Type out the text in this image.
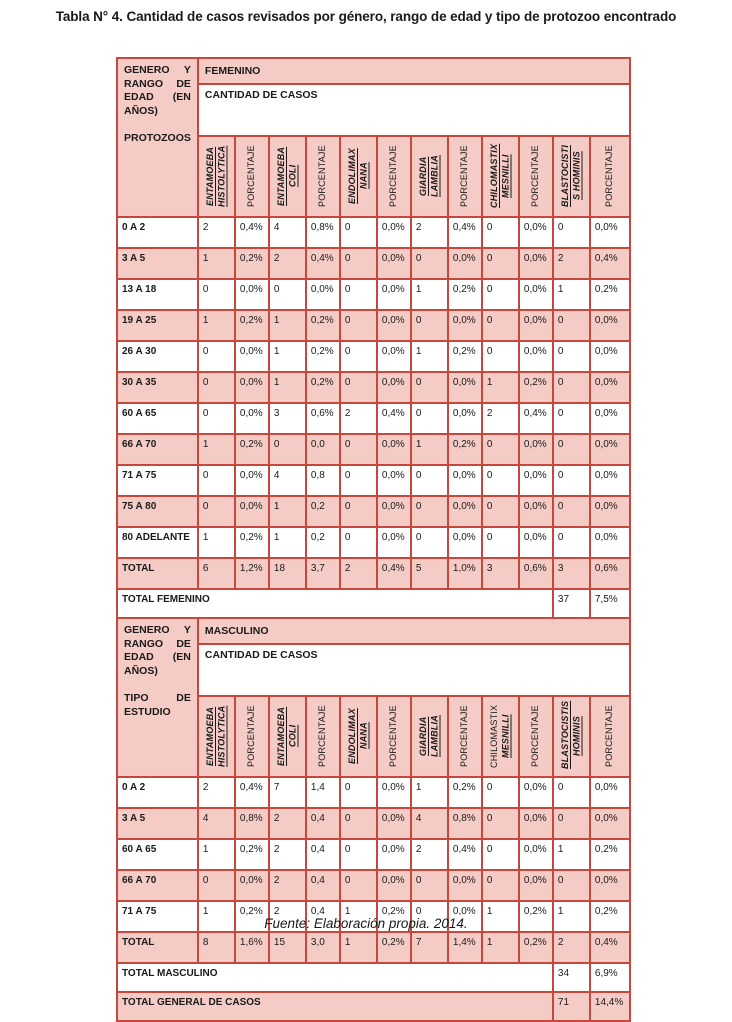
Tabla N° 4. Cantidad de casos revisados por género, rango de edad y tipo de protozoo encontrado
GENERO Y RANGO DE EDAD (EN AÑOS)
PROTOZOOS	FEMENINO											
	CANTIDAD DE CASOS											

	ENTAMOEBA HISTOLYTICA	PORCENTAJE	ENTAMOEBA COLI	PORCENTAJE	ENDOLIMAX NANA	PORCENTAJE	GIARDIA LAMBLIA	PORCENTAJE	CHILOMASTIX MESNILLI	PORCENTAJE	BLASTOCISTI S HOMINIS	PORCENTAJE

0 A 2	2	0,4%	4	0,8%	0	0,0%	2	0,4%	0	0,0%	0	0,0%
3 A 5	1	0,2%	2	0,4%	0	0,0%	0	0,0%	0	0,0%	2	0,4%
13 A 18	0	0,0%	0	0,0%	0	0,0%	1	0,2%	0	0,0%	1	0,2%
19 A 25	1	0,2%	1	0,2%	0	0,0%	0	0,0%	0	0,0%	0	0,0%
26 A 30	0	0,0%	1	0,2%	0	0,0%	1	0,2%	0	0,0%	0	0,0%
30 A 35	0	0,0%	1	0,2%	0	0,0%	0	0,0%	1	0,2%	0	0,0%
60 A 65	0	0,0%	3	0,6%	2	0,4%	0	0,0%	2	0,4%	0	0,0%
66 A 70	1	0,2%	0	0,0	0	0,0%	1	0,2%	0	0,0%	0	0,0%
71 A 75	0	0,0%	4	0,8	0	0,0%	0	0,0%	0	0,0%	0	0,0%
75 A 80	0	0,0%	1	0,2	0	0,0%	0	0,0%	0	0,0%	0	0,0%
80 ADELANTE	1	0,2%	1	0,2	0	0,0%	0	0,0%	0	0,0%	0	0,0%
TOTAL	6	1,2%	18	3,7	2	0,4%	5	1,0%	3	0,6%	3	0,6%
TOTAL FEMENINO											37	7,5%

GENERO Y RANGO DE EDAD (EN AÑOS)
TIPO DE ESTUDIO	MASCULINO											
	CANTIDAD DE CASOS											

	ENTAMOEBA HISTOLYTICA	PORCENTAJE	ENTAMOEBA COLI	PORCENTAJE	ENDOLIMAX NANA	PORCENTAJE	GIARDIA LAMBLIA	PORCENTAJE	CHILOMASTIX MESNILLI	PORCENTAJE	BLASTOCISTIS HOMINIS	PORCENTAJE

0 A 2	2	0,4%	7	1,4	0	0,0%	1	0,2%	0	0,0%	0	0,0%
3 A 5	4	0,8%	2	0,4	0	0,0%	4	0,8%	0	0,0%	0	0,0%
60 A 65	1	0,2%	2	0,4	0	0,0%	2	0,4%	0	0,0%	1	0,2%
66 A 70	0	0,0%	2	0,4	0	0,0%	0	0,0%	0	0,0%	0	0,0%
71 A 75	1	0,2%	2	0,4	1	0,2%	0	0,0%	1	0,2%	1	0,2%
TOTAL	8	1,6%	15	3,0	1	0,2%	7	1,4%	1	0,2%	2	0,4%
TOTAL MASCULINO											34	6,9%
TOTAL GENERAL DE CASOS											71	14,4%

Fuente: Elaboración propia. 2014.
